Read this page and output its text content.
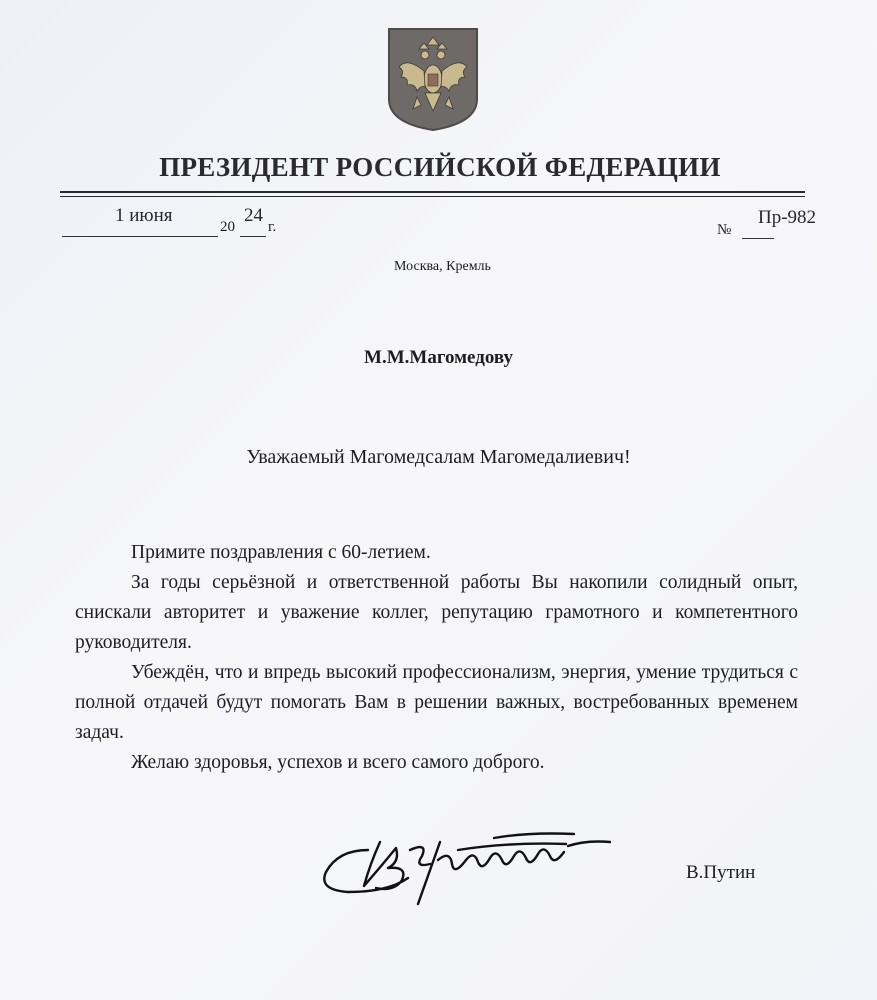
ПРЕЗИДЕНТ РОССИЙСКОЙ ФЕДЕРАЦИИ
1 июня
20
24
г.	№
Пр-982
Москва, Кремль
М.М.Магомедову
Уважаемый Магомедсалам Магомедалиевич!

Примите поздравления с 60-летием.

За годы серьёзной и ответственной работы Вы накопили солидный опыт, снискали авторитет и уважение коллег, репутацию грамотного и компетентного руководителя.

Убеждён, что и впредь высокий профессионализм, энергия, умение трудиться с полной отдачей будут помогать Вам в решении важных, востребованных временем задач.

Желаю здоровья, успехов и всего самого доброго.

В.Путин
